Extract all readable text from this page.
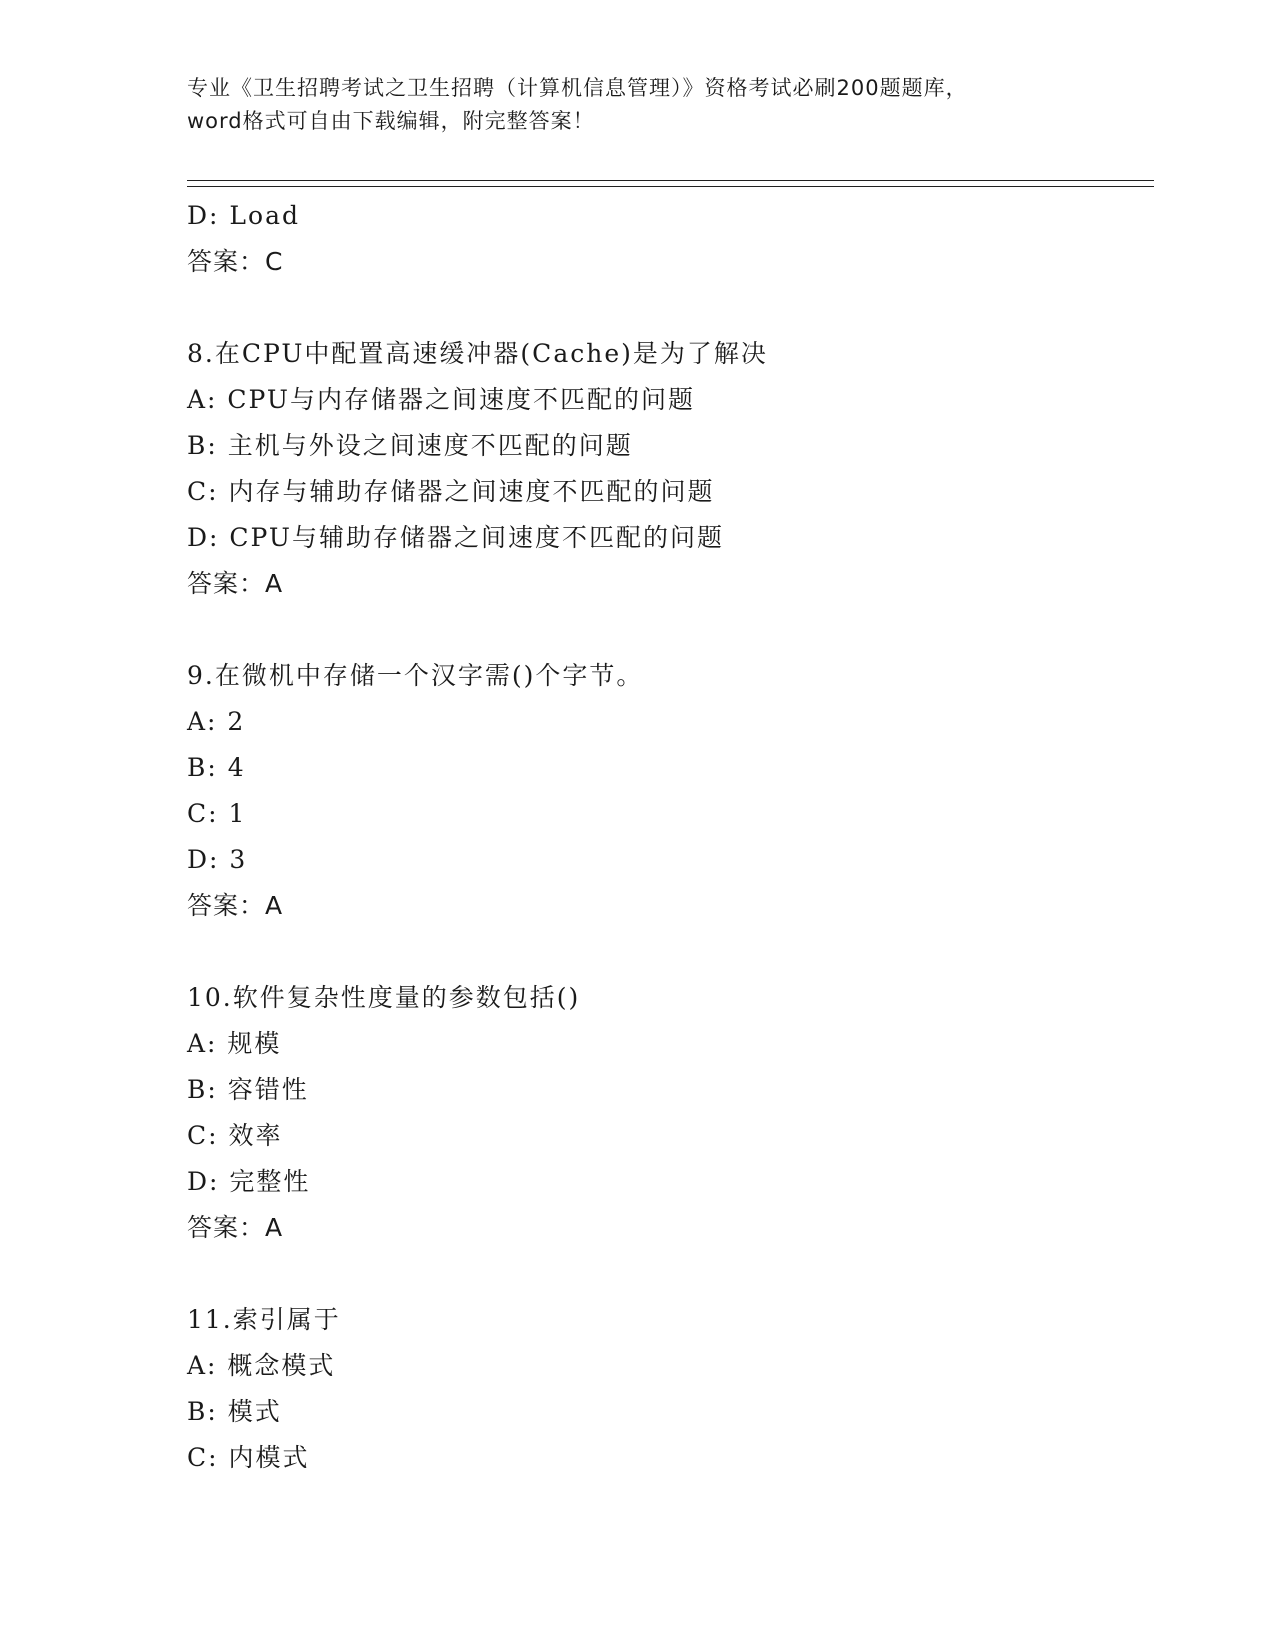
专业《卫生招聘考试之卫生招聘（计算机信息管理）》资格考试必刷200题题库，
word格式可自由下载编辑，附完整答案！
D: Load
答案：C
8.在CPU中配置高速缓冲器(Cache)是为了解决
A: CPU与内存储器之间速度不匹配的问题
B: 主机与外设之间速度不匹配的问题
C: 内存与辅助存储器之间速度不匹配的问题
D: CPU与辅助存储器之间速度不匹配的问题
答案：A
9.在微机中存储一个汉字需()个字节。
A: 2
B: 4
C: 1
D: 3
答案：A
10.软件复杂性度量的参数包括()
A: 规模
B: 容错性
C: 效率
D: 完整性
答案：A
11.索引属于
A: 概念模式
B: 模式
C: 内模式
